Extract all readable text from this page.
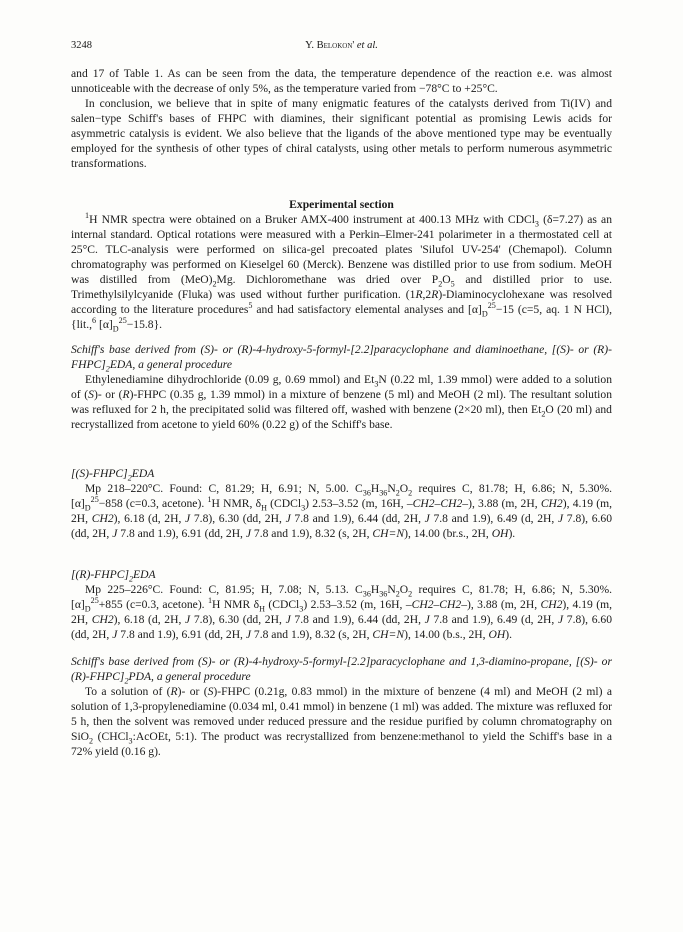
3248	Y. Belokon' et al.

and 17 of Table 1. As can be seen from the data, the temperature dependence of the reaction e.e. was almost unnoticeable with the decrease of only 5%, as the temperature varied from −78°C to +25°C.

In conclusion, we believe that in spite of many enigmatic features of the catalysts derived from Ti(IV) and salen−type Schiff's bases of FHPC with diamines, their significant potential as promising Lewis acids for asymmetric catalysis is evident. We also believe that the ligands of the above mentioned type may be eventually employed for the synthesis of other types of chiral catalysts, using other metals to perform numerous asymmetric transformations.

Experimental section

$^1$H NMR spectra were obtained on a Bruker AMX-400 instrument at 400.13 MHz with CDCl$_3$ (δ=7.27) as an internal standard. Optical rotations were measured with a Perkin–Elmer-241 polarimeter in a thermostated cell at 25°C. TLC-analysis were performed on silica-gel precoated plates 'Silufol UV-254' (Chemapol). Column chromatography was performed on Kieselgel 60 (Merck). Benzene was distilled prior to use from sodium. MeOH was distilled from $(MeO)_2Mg$. Dichloromethane was dried over $P_2O_5$ and distilled prior to use. Trimethylsilylcyanide (Fluka) was used without further purification. (1R,2R)-Diaminocyclohexane was resolved according to the literature procedures$^5$ and had satisfactory elemental analyses and $[\alpha]_D^{25}-15$ (c=5, aq. 1 N HCl), {lit.,$^6$ $[\alpha]_D^{25}-15.8$}.

Schiff's base derived from (S)- or (R)-4-hydroxy-5-formyl-[2.2]paracyclophane and diaminoethane, [(S)- or $(R)-FHPC]_2EDA$, a general procedure

Ethylenediamine dihydrochloride (0.09 g, 0.69 mmol) and $Et_3N$ (0.22 ml, 1.39 mmol) were added to a solution of (S)- or (R)-FHPC (0.35 g, 1.39 mmol) in a mixture of benzene (5 ml) and MeOH (2 ml). The resultant solution was refluxed for 2 h, the precipitated solid was filtered off, washed with benzene (2×20 ml), then $Et_2O$ (20 ml) and recrystallized from acetone to yield 60% (0.22 g) of the Schiff's base.

$[(S)-FHPC]_2EDA$

Mp 218–220°C. Found: C, 81.29; H, 6.91; N, 5.00. $C_{36}H_{36}N_2O_2$ requires C, 81.78; H, 6.86; N, 5.30%. $[\alpha]_D^{25}-858$ (c=0.3, acetone). $^1$H NMR, $\delta_H$ (CDCl$_3$) 2.53–3.52 (m, 16H, –CH2–CH2–), 3.88 (m, 2H, CH2), 4.19 (m, 2H, CH2), 6.18 (d, 2H, J 7.8), 6.30 (dd, 2H, J 7.8 and 1.9), 6.44 (dd, 2H, J 7.8 and 1.9), 6.49 (d, 2H, J 7.8), 6.60 (dd, 2H, J 7.8 and 1.9), 6.91 (dd, 2H, J 7.8 and 1.9), 8.32 (s, 2H, CH=N), 14.00 (br.s., 2H, OH).

$[(R)-FHPC]_2EDA$

Mp 225–226°C. Found: C, 81.95; H, 7.08; N, 5.13. $C_{36}H_{36}N_2O_2$ requires C, 81.78; H, 6.86; N, 5.30%. $[\alpha]_D^{25}+855$ (c=0.3, acetone). $^1$H NMR $\delta_H$ (CDCl$_3$) 2.53–3.52 (m, 16H, –CH2–CH2–), 3.88 (m, 2H, CH2), 4.19 (m, 2H, CH2), 6.18 (d, 2H, J 7.8), 6.30 (dd, 2H, J 7.8 and 1.9), 6.44 (dd, 2H, J 7.8 and 1.9), 6.49 (d, 2H, J 7.8), 6.60 (dd, 2H, J 7.8 and 1.9), 6.91 (dd, 2H, J 7.8 and 1.9), 8.32 (s, 2H, CH=N), 14.00 (b.s., 2H, OH).

Schiff's base derived from (S)- or (R)-4-hydroxy-5-formyl-[2.2]paracyclophane and 1,3-diamino-propane, [(S)- or $(R)-FHPC]_2PDA$, a general procedure

To a solution of (R)- or (S)-FHPC (0.21g, 0.83 mmol) in the mixture of benzene (4 ml) and MeOH (2 ml) a solution of 1,3-propylenediamine (0.034 ml, 0.41 mmol) in benzene (1 ml) was added. The mixture was refluxed for 5 h, then the solvent was removed under reduced pressure and the residue purified by column chromatography on SiO$_2$ (CHCl$_3$:AcOEt, 5:1). The product was recrystallized from benzene:methanol to yield the Schiff's base in a 72% yield (0.16 g).
